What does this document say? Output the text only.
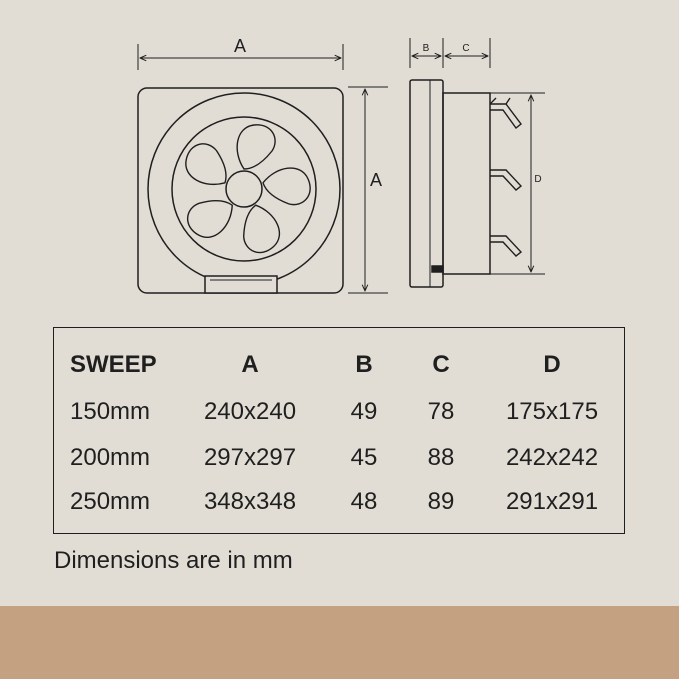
A
A
B	C
D
SWEEP	A	B	C	D
150mm	240x240	49	78	175x175
200mm	297x297	45	88	242x242
250mm	348x348	48	89	291x291
Dimensions are in mm
